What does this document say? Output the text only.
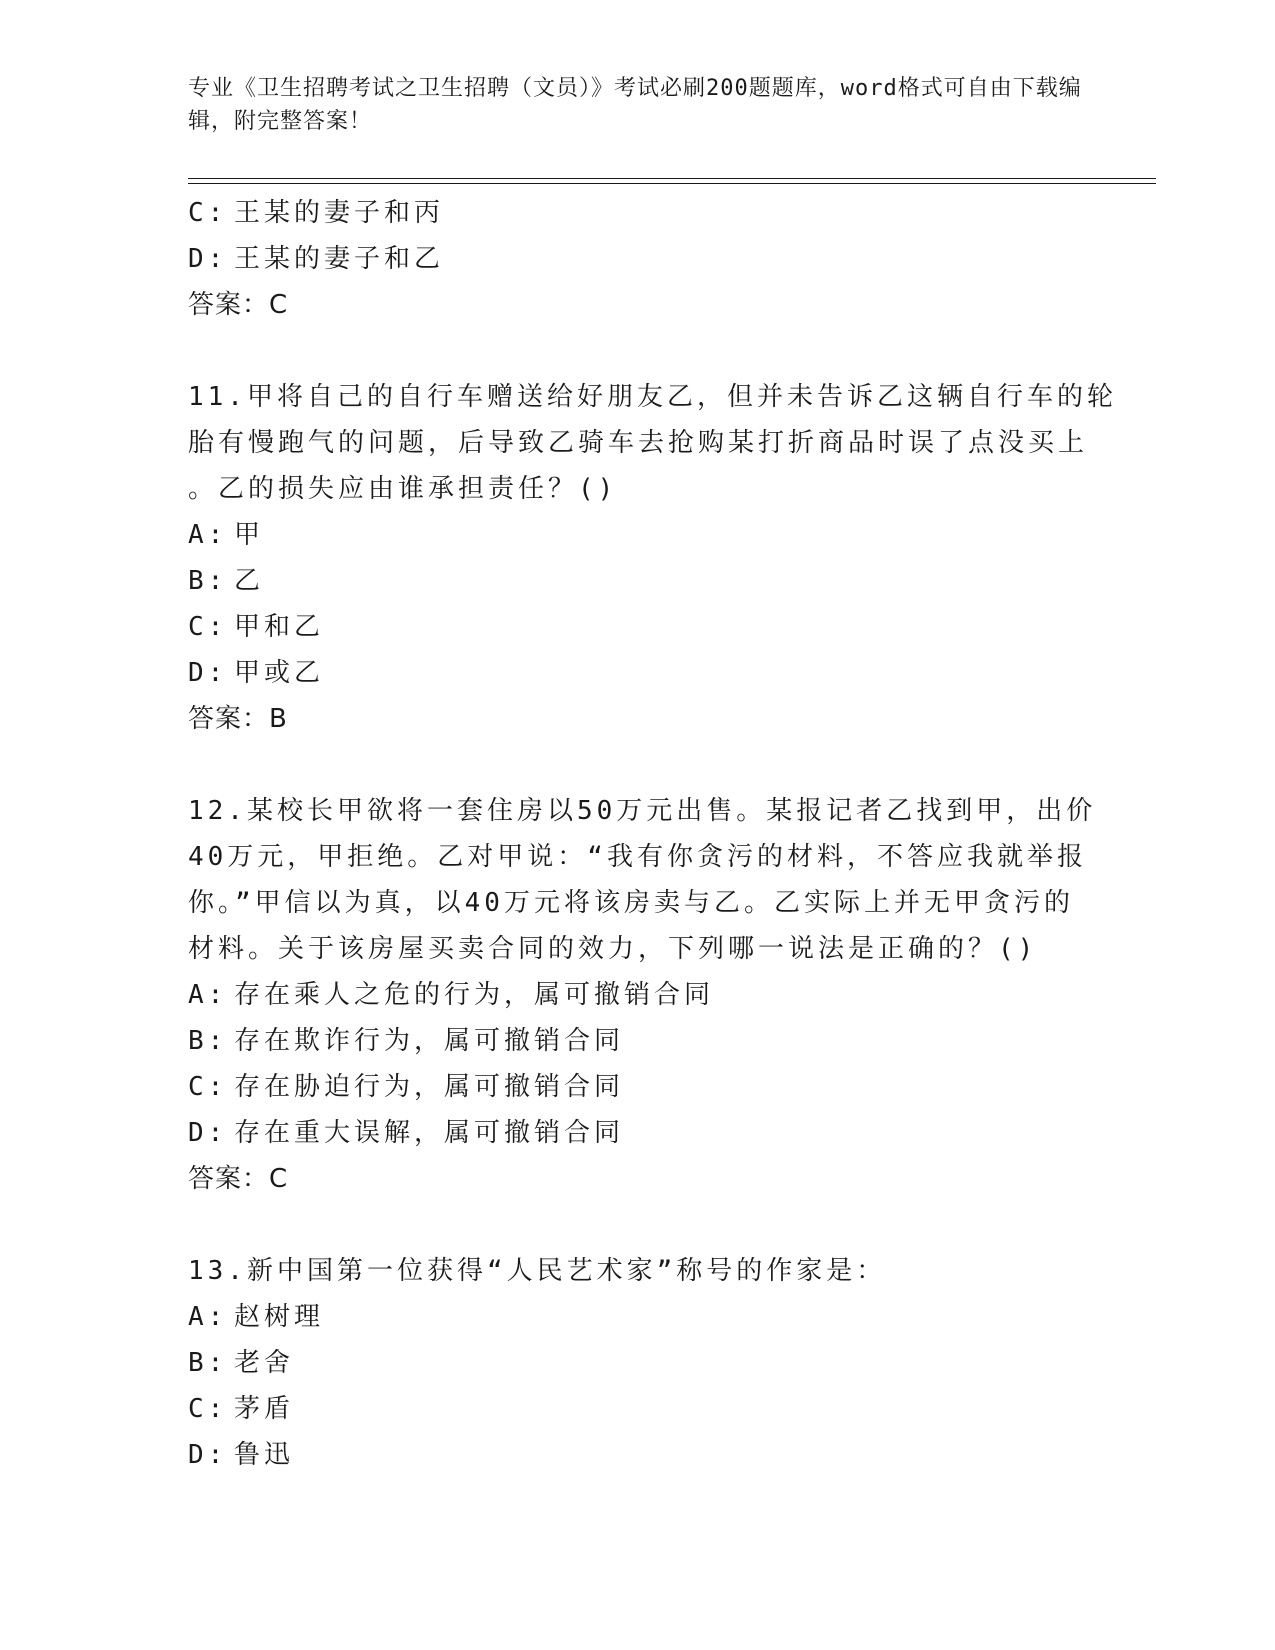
专业《卫生招聘考试之卫生招聘（文员）》考试必刷200题题库，word格式可自由下载编辑，附完整答案！
C: 王某的妻子和丙
D: 王某的妻子和乙
答案：C
11.甲将自己的自行车赠送给好朋友乙，但并未告诉乙这辆自行车的轮
胎有慢跑气的问题，后导致乙骑车去抢购某打折商品时误了点没买上
。乙的损失应由谁承担责任？()
A: 甲
B: 乙
C: 甲和乙
D: 甲或乙
答案：B
12.某校长甲欲将一套住房以50万元出售。某报记者乙找到甲，出价
40万元，甲拒绝。乙对甲说：“我有你贪污的材料，不答应我就举报
你。”甲信以为真，以40万元将该房卖与乙。乙实际上并无甲贪污的
材料。关于该房屋买卖合同的效力，下列哪一说法是正确的？()
A: 存在乘人之危的行为，属可撤销合同
B: 存在欺诈行为，属可撤销合同
C: 存在胁迫行为，属可撤销合同
D: 存在重大误解，属可撤销合同
答案：C
13.新中国第一位获得“人民艺术家”称号的作家是：
A: 赵树理
B: 老舍
C: 茅盾
D: 鲁迅
